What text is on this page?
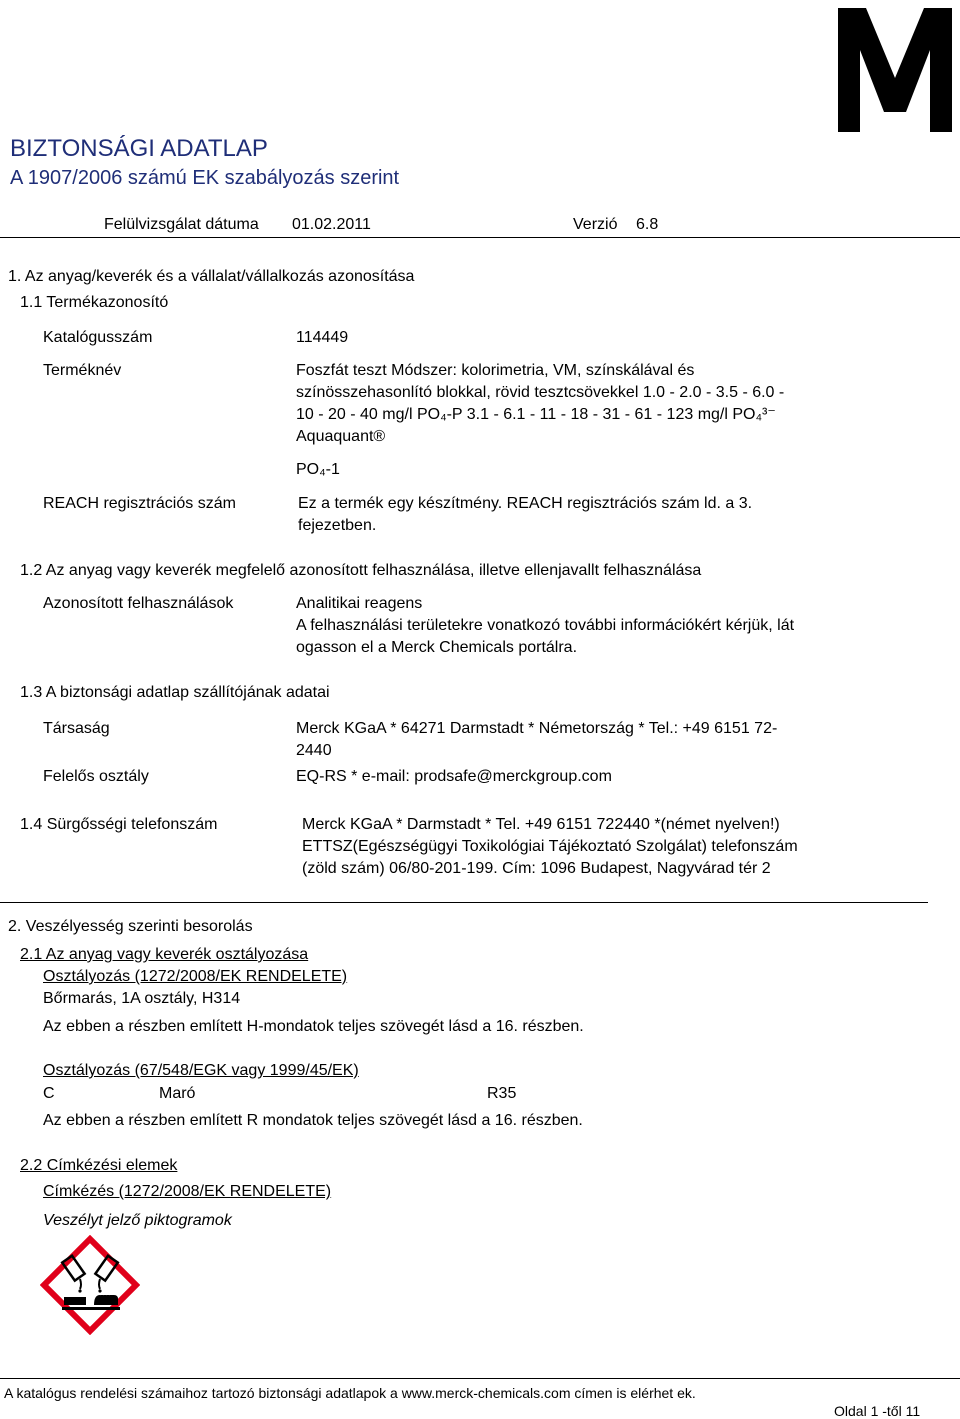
BIZTONSÁGI ADATLAP
A 1907/2006 számú EK szabályozás szerint
Felülvizsgálat dátuma 01.02.2011	Verzió 6.8
1. Az anyag/keverék és a vállalat/vállalkozás azonosítása
1.1 Termékazonosító
Katalógusszám	114449
Terméknév	Foszfát teszt Módszer: kolorimetria, VM, színskálával és
színösszehasonlító blokkal, rövid tesztcsövekkel 1.0 - 2.0 - 3.5 - 6.0 -
10 - 20 - 40 mg/l PO₄-P 3.1 - 6.1 - 11 - 18 - 31 - 61 - 123 mg/l PO₄³⁻
Aquaquant®
PO₄-1
REACH regisztrációs szám	Ez a termék egy készítmény. REACH regisztrációs szám ld. a 3.
fejezetben.
1.2 Az anyag vagy keverék megfelelő azonosított felhasználása, illetve ellenjavallt felhasználása
Azonosított felhasználások	Analitikai reagens
A felhasználási területekre vonatkozó további információkért kérjük, lát
ogasson el a Merck Chemicals portálra.
1.3 A biztonsági adatlap szállítójának adatai
Társaság	Merck KGaA * 64271 Darmstadt * Németország * Tel.: +49 6151 72-
2440
Felelős osztály	EQ-RS * e-mail: prodsafe@merckgroup.com
1.4 Sürgősségi telefonszám	Merck KGaA * Darmstadt * Tel. +49 6151 722440 *(német nyelven!)
ETTSZ(Egészségügyi Toxikológiai Tájékoztató Szolgálat) telefonszám
(zöld szám) 06/80-201-199. Cím: 1096 Budapest, Nagyvárad tér 2
2. Veszélyesség szerinti besorolás
2.1 Az anyag vagy keverék osztályozása
Osztályozás (1272/2008/EK RENDELETE)
Bőrmarás, 1A osztály, H314
Az ebben a részben említett H-mondatok teljes szövegét lásd a 16. részben.
Osztályozás (67/548/EGK vagy 1999/45/EK)
C	Maró	R35
Az ebben a részben említett R mondatok teljes szövegét lásd a 16. részben.
2.2 Címkézési elemek
Címkézés (1272/2008/EK RENDELETE)
Veszélyt jelző piktogramok
A katalógus rendelési számaihoz tartozó biztonsági adatlapok a www.merck-chemicals.com címen is elérhet ek.
Oldal 1 -től 11
